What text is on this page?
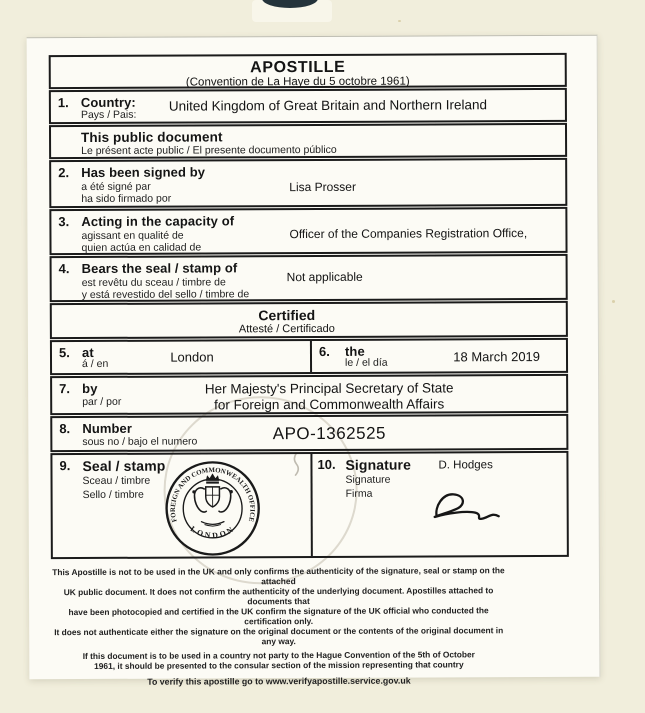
APOSTILLE
(Convention de La Haye du 5 octobre 1961)
1. Country:
Pays / Pais:
United Kingdom of Great Britain and Northern Ireland
This public document
Le présent acte public / El presente documento público
2. Has been signed by
a été signé par
ha sido firmado por
Lisa Prosser
3. Acting in the capacity of
agissant en qualité de
quien actúa en calidad de
Officer of the Companies Registration Office,
4. Bears the seal / stamp of
est revêtu du sceau / timbre de
y está revestido del sello / timbre de
Not applicable
Certified
Attesté / Certificado
5. at
á / en	London	6. the
le / el día	18 March 2019
7. by
par / por
Her Majesty's Principal Secretary of State
for Foreign and Commonwealth Affairs
8. Number
sous no / bajo el numero	APO-1362525
9. Seal / stamp
Sceau / timbre
Sello / timbre
FOREIGN AND COMMONWEALTH OFFICE
LONDON
10. Signature
Signature
Firma
D. Hodges
This Apostille is not to be used in the UK and only confirms the authenticity of the signature, seal or stamp on the attached
UK public document. It does not confirm the authenticity of the underlying document. Apostilles attached to documents that
have been photocopied and certified in the UK confirm the signature of the UK official who conducted the certification only.
It does not authenticate either the signature on the original document or the contents of the original document in any way.
If this document is to be used in a country not party to the Hague Convention of the 5th of October
1961, it should be presented to the consular section of the mission representing that country
To verify this apostille go to www.verifyapostille.service.gov.uk
